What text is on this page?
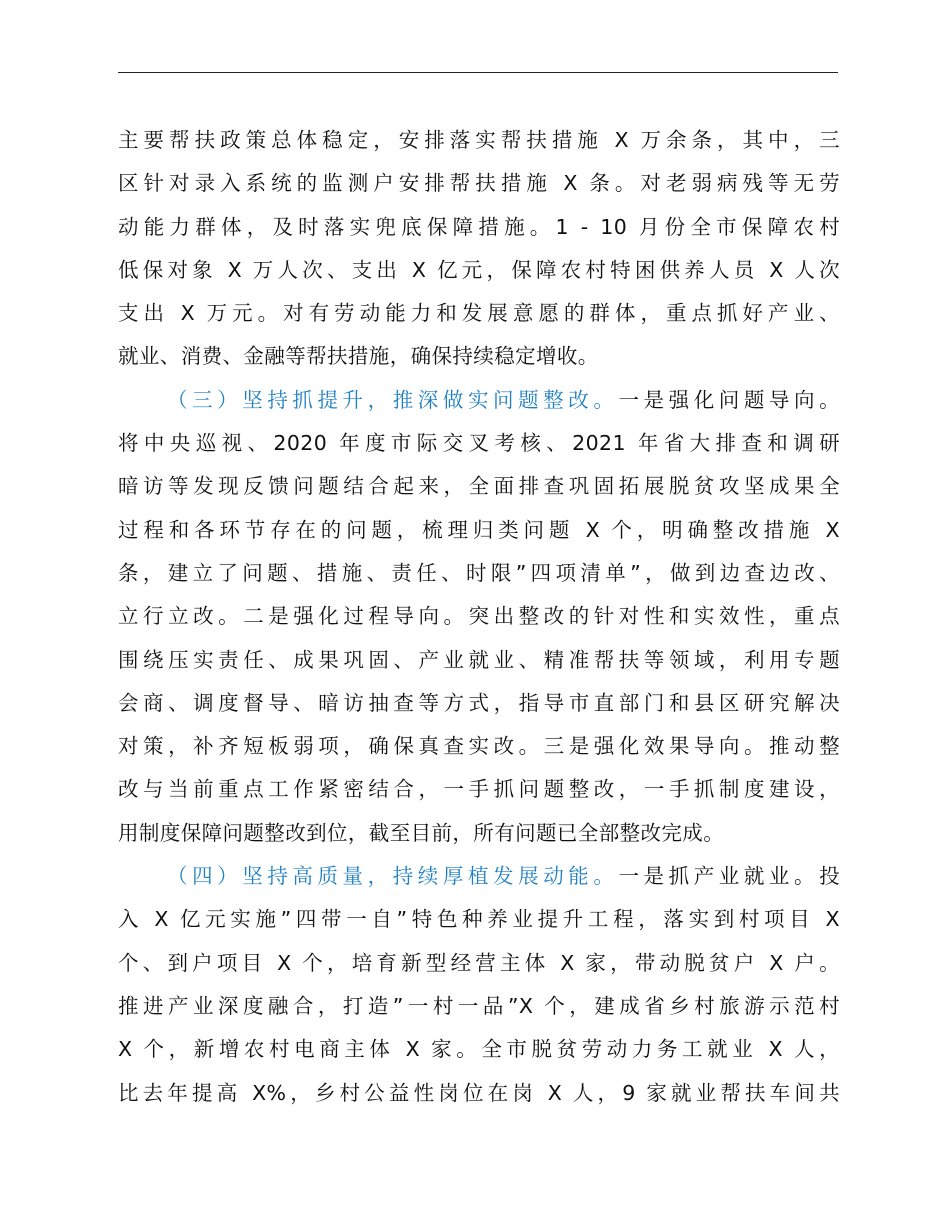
主要帮扶政策总体稳定，安排落实帮扶措施 X 万余条，其中，三
区针对录入系统的监测户安排帮扶措施 X 条。对老弱病残等无劳
动能力群体，及时落实兜底保障措施。1 - 10 月份全市保障农村
低保对象 X 万人次、支出 X 亿元，保障农村特困供养人员 X 人次
支出 X 万元。对有劳动能力和发展意愿的群体，重点抓好产业、
就业、消费、金融等帮扶措施，确保持续稳定增收。
（三）坚持抓提升，推深做实问题整改。一是强化问题导向。
将中央巡视、2020 年度市际交叉考核、2021 年省大排查和调研
暗访等发现反馈问题结合起来，全面排查巩固拓展脱贫攻坚成果全
过程和各环节存在的问题，梳理归类问题 X 个，明确整改措施 X
条，建立了问题、措施、责任、时限”四项清单”，做到边查边改、
立行立改。二是强化过程导向。突出整改的针对性和实效性，重点
围绕压实责任、成果巩固、产业就业、精准帮扶等领域，利用专题
会商、调度督导、暗访抽查等方式，指导市直部门和县区研究解决
对策，补齐短板弱项，确保真查实改。三是强化效果导向。推动整
改与当前重点工作紧密结合，一手抓问题整改，一手抓制度建设，
用制度保障问题整改到位，截至目前，所有问题已全部整改完成。
（四）坚持高质量，持续厚植发展动能。一是抓产业就业。投
入 X 亿元实施”四带一自”特色种养业提升工程，落实到村项目 X
个、到户项目 X 个，培育新型经营主体 X 家，带动脱贫户 X 户。
推进产业深度融合，打造”一村一品”X 个，建成省乡村旅游示范村
X 个，新增农村电商主体 X 家。全市脱贫劳动力务工就业 X 人，
比去年提高 X%，乡村公益性岗位在岗 X 人，9 家就业帮扶车间共
